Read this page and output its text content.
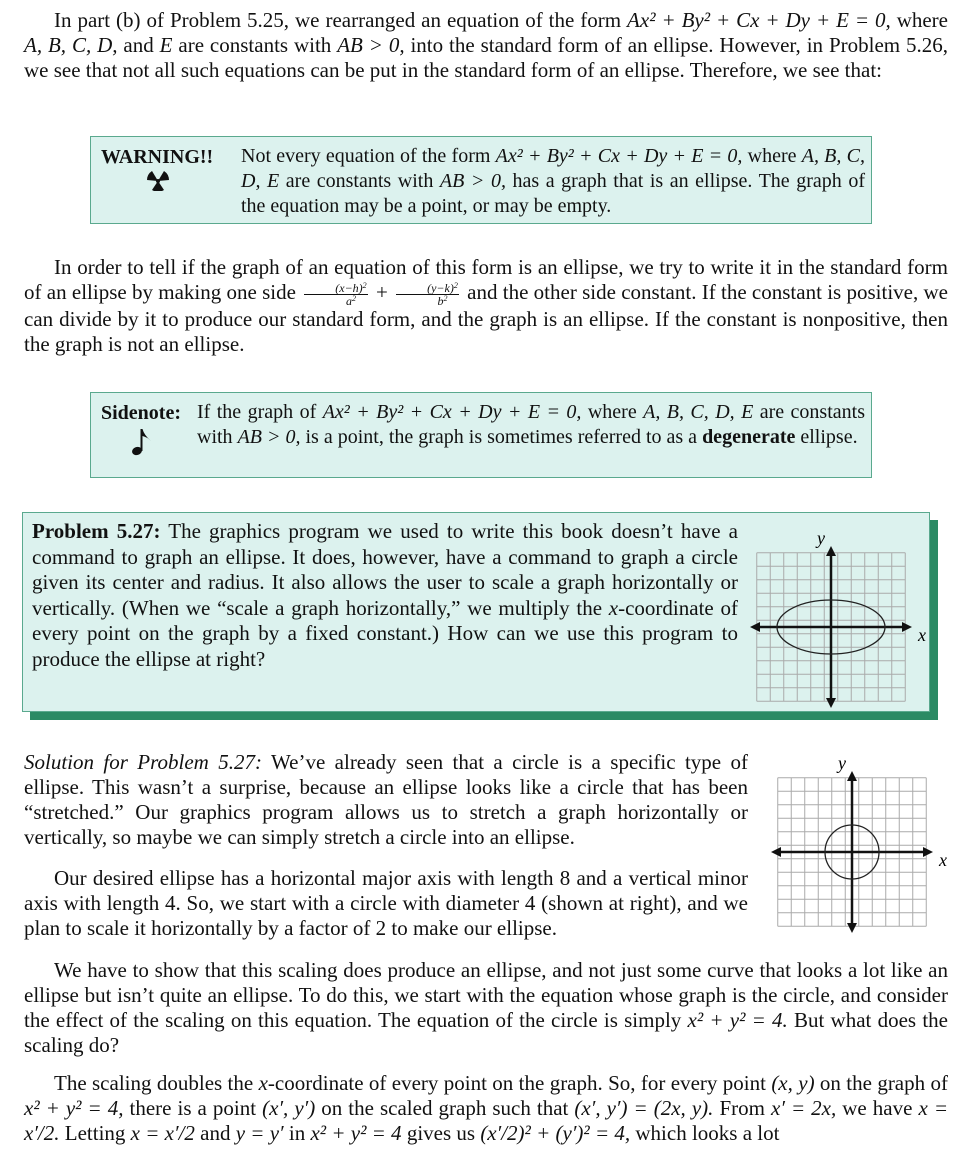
In part (b) of Problem 5.25, we rearranged an equation of the form Ax² + By² + Cx + Dy + E = 0, where A, B, C, D, and E are constants with AB > 0, into the standard form of an ellipse. However, in Problem 5.26, we see that not all such equations can be put in the standard form of an ellipse. Therefore, we see that:
WARNING!! Not every equation of the form Ax² + By² + Cx + Dy + E = 0, where A, B, C, D, E are constants with AB > 0, has a graph that is an ellipse. The graph of the equation may be a point, or may be empty.
In order to tell if the graph of an equation of this form is an ellipse, we try to write it in the standard form of an ellipse by making one side $\frac{(x-h)^2}{a^2} + \frac{(y-k)^2}{b^2}$ and the other side constant. If the constant is positive, we can divide by it to produce our standard form, and the graph is an ellipse. If the constant is nonpositive, then the graph is not an ellipse.
Sidenote: If the graph of Ax² + By² + Cx + Dy + E = 0, where A, B, C, D, E are constants with AB > 0, is a point, the graph is sometimes referred to as a degenerate ellipse.
Problem 5.27: The graphics program we used to write this book doesn’t have a command to graph an ellipse. It does, however, have a command to graph a circle given its center and radius. It also allows the user to scale a graph horizontally or vertically. (When we “scale a graph horizontally,” we multiply the x-coordinate of every point on the graph by a fixed constant.) How can we use this program to produce the ellipse at right?
x
y
Solution for Problem 5.27: We’ve already seen that a circle is a specific type of ellipse. This wasn’t a surprise, because an ellipse looks like a circle that has been “stretched.” Our graphics program allows us to stretch a graph horizontally or vertically, so maybe we can simply stretch a circle into an ellipse.
Our desired ellipse has a horizontal major axis with length 8 and a vertical minor axis with length 4. So, we start with a circle with diameter 4 (shown at right), and we plan to scale it horizontally by a factor of 2 to make our ellipse.
x
y
We have to show that this scaling does produce an ellipse, and not just some curve that looks a lot like an ellipse but isn’t quite an ellipse. To do this, we start with the equation whose graph is the circle, and consider the effect of the scaling on this equation. The equation of the circle is simply x² + y² = 4. But what does the scaling do?
The scaling doubles the x-coordinate of every point on the graph. So, for every point (x, y) on the graph of x² + y² = 4, there is a point (x′, y′) on the scaled graph such that (x′, y′) = (2x, y). From x′ = 2x, we have x = x′/2. Letting x = x′/2 and y = y′ in x² + y² = 4 gives us (x′/2)² + (y′)² = 4, which looks a lot
